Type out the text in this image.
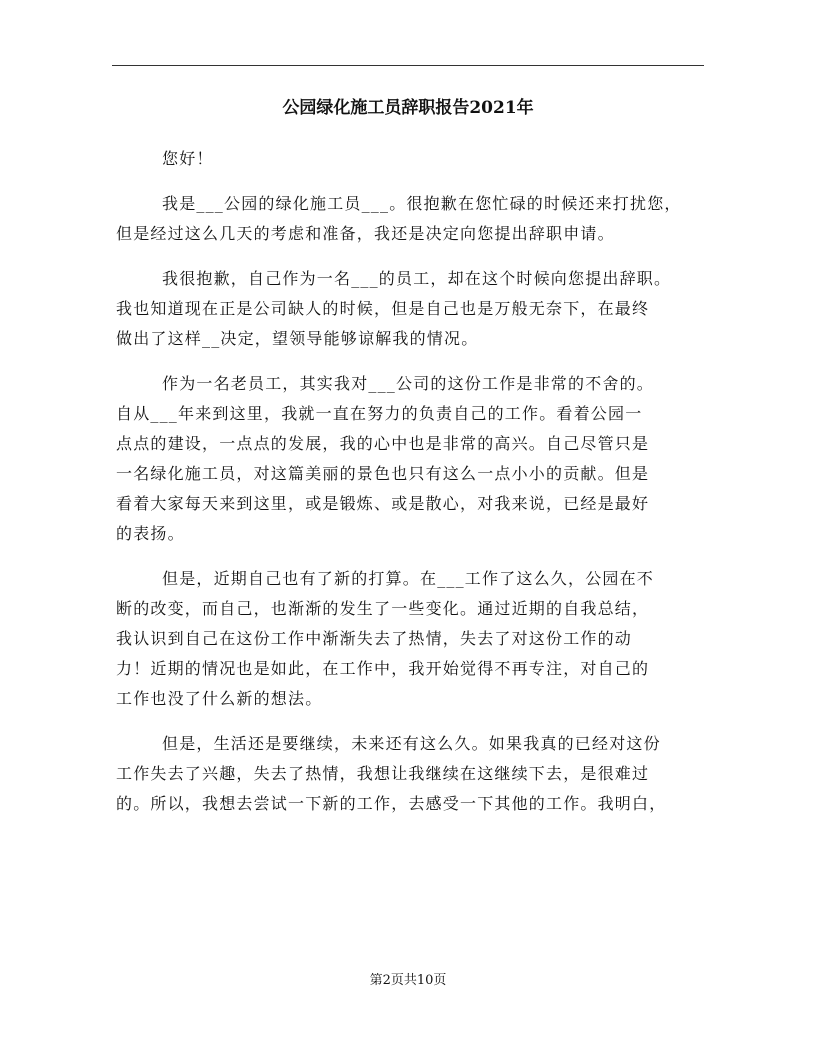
公园绿化施工员辞职报告2021年

您好！

我是___公园的绿化施工员___。很抱歉在您忙碌的时候还来打扰您，
但是经过这么几天的考虑和准备，我还是决定向您提出辞职申请。
我很抱歉，自己作为一名___的员工，却在这个时候向您提出辞职。
我也知道现在正是公司缺人的时候，但是自己也是万般无奈下，在最终
做出了这样__决定，望领导能够谅解我的情况。
作为一名老员工，其实我对___公司的这份工作是非常的不舍的。
自从___年来到这里，我就一直在努力的负责自己的工作。看着公园一
点点的建设，一点点的发展，我的心中也是非常的高兴。自己尽管只是
一名绿化施工员，对这篇美丽的景色也只有这么一点小小的贡献。但是
看着大家每天来到这里，或是锻炼、或是散心，对我来说，已经是最好
的表扬。
但是，近期自己也有了新的打算。在___工作了这么久，公园在不
断的改变，而自己，也渐渐的发生了一些变化。通过近期的自我总结，
我认识到自己在这份工作中渐渐失去了热情，失去了对这份工作的动
力！近期的情况也是如此，在工作中，我开始觉得不再专注，对自己的
工作也没了什么新的想法。
但是，生活还是要继续，未来还有这么久。如果我真的已经对这份
工作失去了兴趣，失去了热情，我想让我继续在这继续下去，是很难过
的。所以，我想去尝试一下新的工作，去感受一下其他的工作。我明白，
第2页共10页
